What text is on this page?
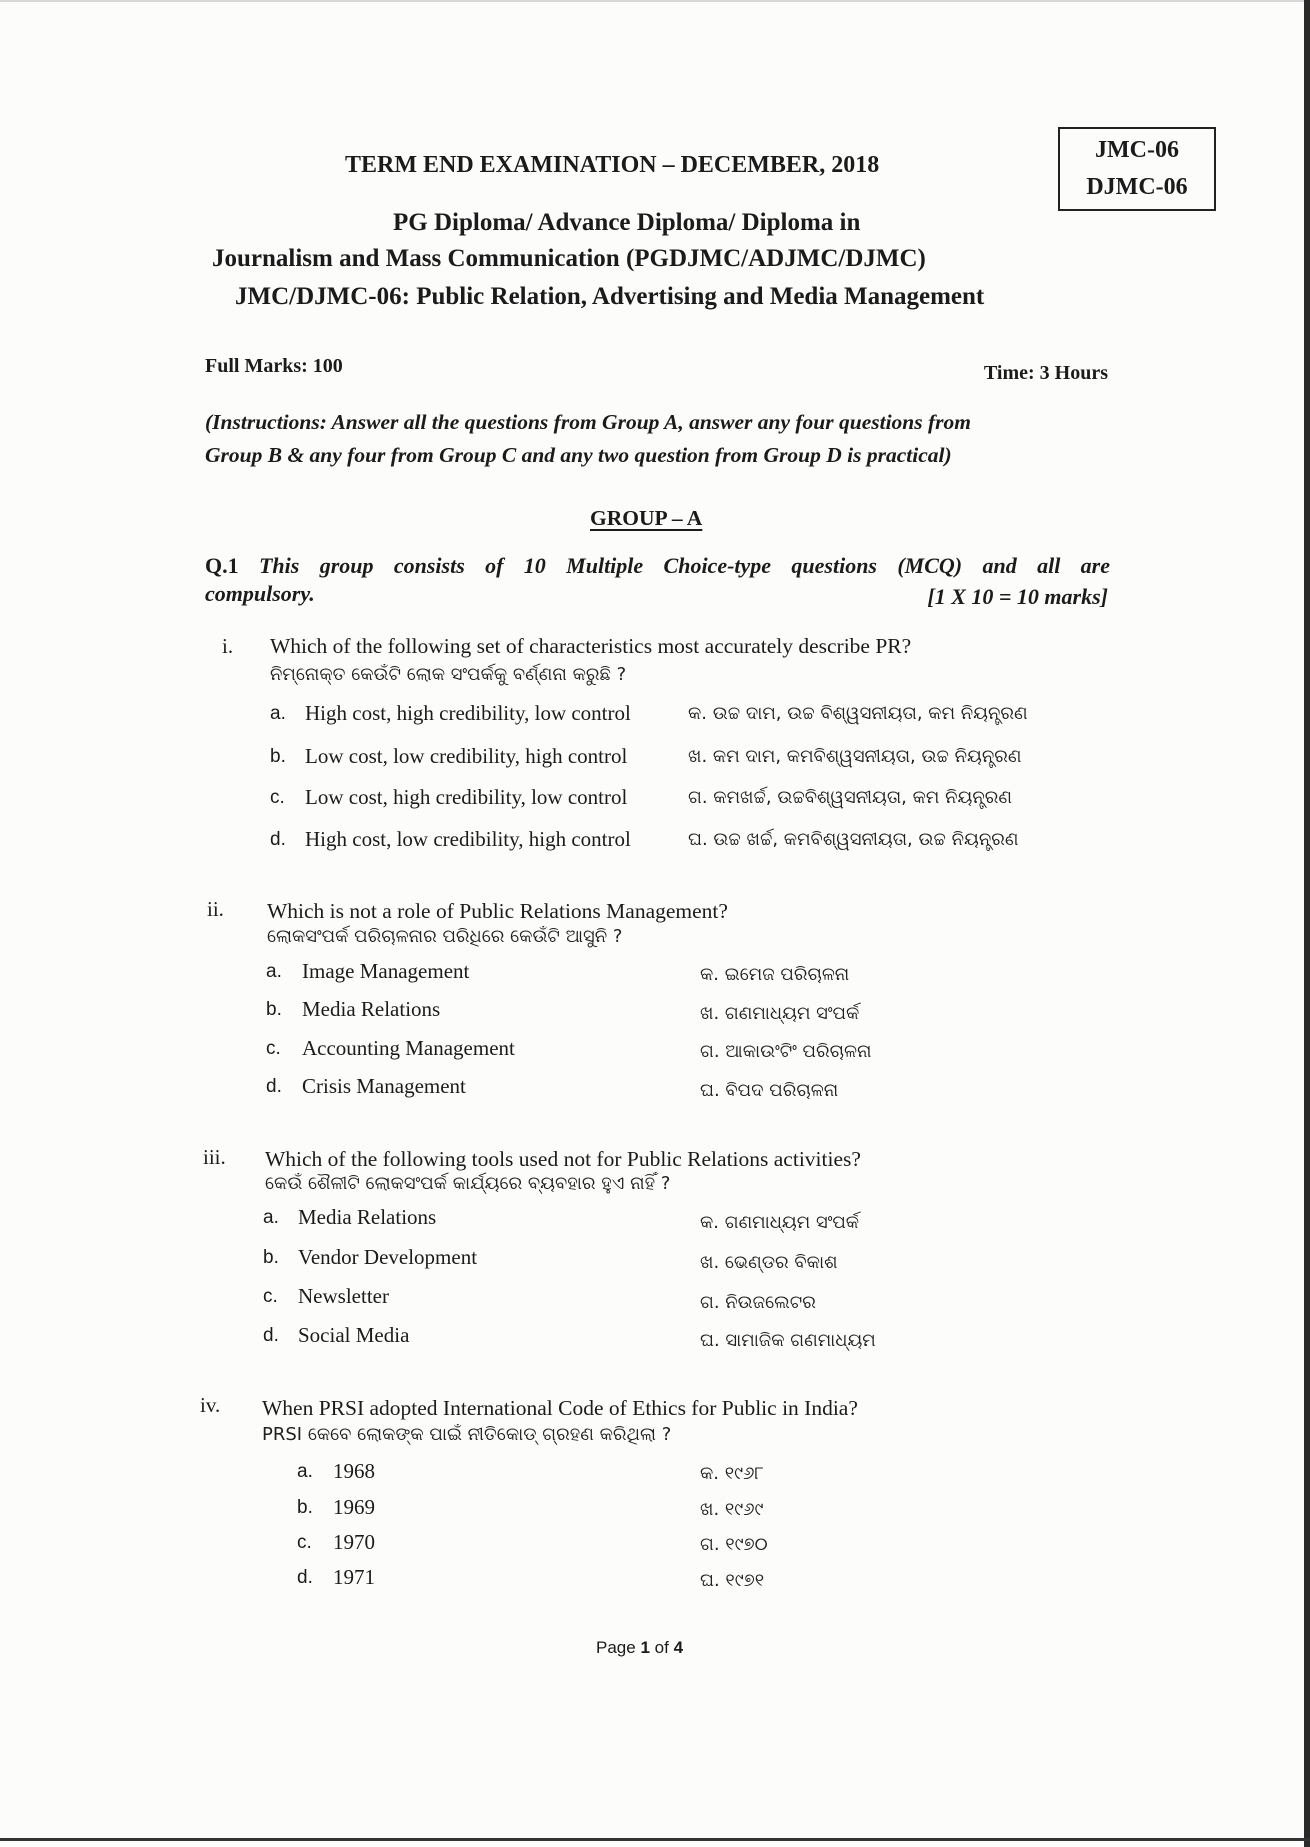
JMC-06
DJMC-06
TERM END EXAMINATION – DECEMBER, 2018
PG Diploma/ Advance Diploma/ Diploma in
Journalism and Mass Communication (PGDJMC/ADJMC/DJMC)
JMC/DJMC-06: Public Relation, Advertising and Media Management
Full Marks: 100	Time: 3 Hours
(Instructions: Answer all the questions from Group A, answer any four questions from
Group B & any four from Group C and any two question from Group D is practical)
GROUP – A
Q.1 This group consists of 10 Multiple Choice-type questions (MCQ) and all are
compulsory.	[1 X 10 = 10 marks]
i. Which of the following set of characteristics most accurately describe PR?
ନିମ୍ନୋକ୍ତ କେଉଁଟି ଲୋକ ସଂପର୍କକୁ ବର୍ଣ୍ଣନା କରୁଛି ?
a. High cost, high credibility, low control	କ. ଉଚ୍ଚ ଦାମ, ଉଚ୍ଚ ବିଶ୍ୱସନୀୟତା, କମ ନିୟନ୍ତ୍ରଣ
b. Low cost, low credibility, high control	ଖ. କମ ଦାମ, କମବିଶ୍ୱସନୀୟତା, ଉଚ୍ଚ ନିୟନ୍ତ୍ରଣ
c. Low cost, high credibility, low control	ଗ. କମଖର୍ଚ୍ଚ, ଉଚ୍ଚବିଶ୍ୱସନୀୟତା, କମ ନିୟନ୍ତ୍ରଣ
d. High cost, low credibility, high control	ଘ. ଉଚ୍ଚ ଖର୍ଚ୍ଚ, କମବିଶ୍ୱସନୀୟତା, ଉଚ୍ଚ ନିୟନ୍ତ୍ରଣ
ii. Which is not a role of Public Relations Management?
ଲୋକସଂପର୍କ ପରିଚାଳନାର ପରିଧିରେ କେଉଁଟି ଆସୁନି ?
a. Image Management	କ. ଇମେଜ ପରିଚାଳନା
b. Media Relations	ଖ. ଗଣମାଧ୍ୟମ ସଂପର୍କ
c. Accounting Management	ଗ. ଆକାଉଂଟିଂ ପରିଚାଳନା
d. Crisis Management	ଘ. ବିପଦ ପରିଚାଳନା
iii. Which of the following tools used not for Public Relations activities?
କେଉଁ ଶୈଳୀଟି ଲୋକସଂପର୍କ କାର୍ଯ୍ୟରେ ବ୍ୟବହାର ହୁଏ ନାହିଁ ?
a. Media Relations	କ. ଗଣମାଧ୍ୟମ ସଂପର୍କ
b. Vendor Development	ଖ. ଭେଣ୍ଡର ବିକାଶ
c. Newsletter	ଗ. ନିଉଜଲେଟର
d. Social Media	ଘ. ସାମାଜିକ ଗଣମାଧ୍ୟମ
iv. When PRSI adopted International Code of Ethics for Public in India?
PRSI କେବେ ଲୋକଙ୍କ ପାଇଁ ନୀତିକୋଡ୍ ଗ୍ରହଣ କରିଥିଲା ?
a. 1968	କ. ୧୯୬୮
b. 1969	ଖ. ୧୯୬୯
c. 1970	ଗ. ୧୯୭୦
d. 1971	ଘ. ୧୯୭୧
Page 1 of 4
